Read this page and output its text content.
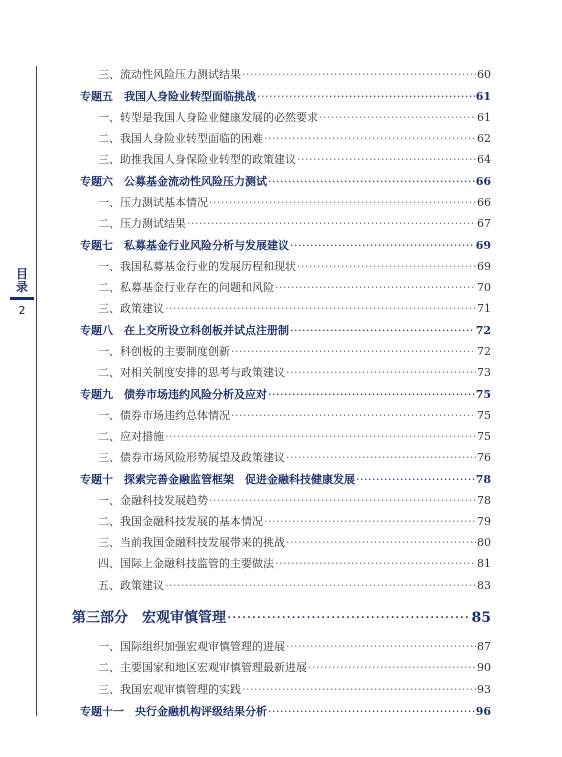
目
录
2
三、流动性风险压力测试结果 ·····	60
专题五　我国人身险业转型面临挑战 ·····	61
一、转型是我国人身险业健康发展的必然要求 ·····	61
二、我国人身险业转型面临的困难 ·····	62
三、助推我国人身保险业转型的政策建议 ·····	64
专题六　公募基金流动性风险压力测试 ·····	66
一、压力测试基本情况 ·····	66
二、压力测试结果 ·····	67
专题七　私募基金行业风险分析与发展建议 ·····	69
一、我国私募基金行业的发展历程和现状 ·····	69
二、私募基金行业存在的问题和风险 ·····	70
三、政策建议 ·····	71
专题八　在上交所设立科创板并试点注册制 ·····	72
一、科创板的主要制度创新 ·····	72
二、对相关制度安排的思考与政策建议 ·····	73
专题九　债券市场违约风险分析及应对 ·····	75
一、债券市场违约总体情况 ·····	75
二、应对措施 ·····	75
三、债券市场风险形势展望及政策建议 ·····	76
专题十　探索完善金融监管框架　促进金融科技健康发展 ·····	78
一、金融科技发展趋势 ·····	78
二、我国金融科技发展的基本情况 ·····	79
三、当前我国金融科技发展带来的挑战 ·····	80
四、国际上金融科技监管的主要做法 ·····	81
五、政策建议 ·····	83
第三部分　宏观审慎管理 ·····	85
一、国际组织加强宏观审慎管理的进展 ·····	87
二、主要国家和地区宏观审慎管理最新进展 ·····	90
三、我国宏观审慎管理的实践 ·····	93
专题十一　央行金融机构评级结果分析 ·····	96
